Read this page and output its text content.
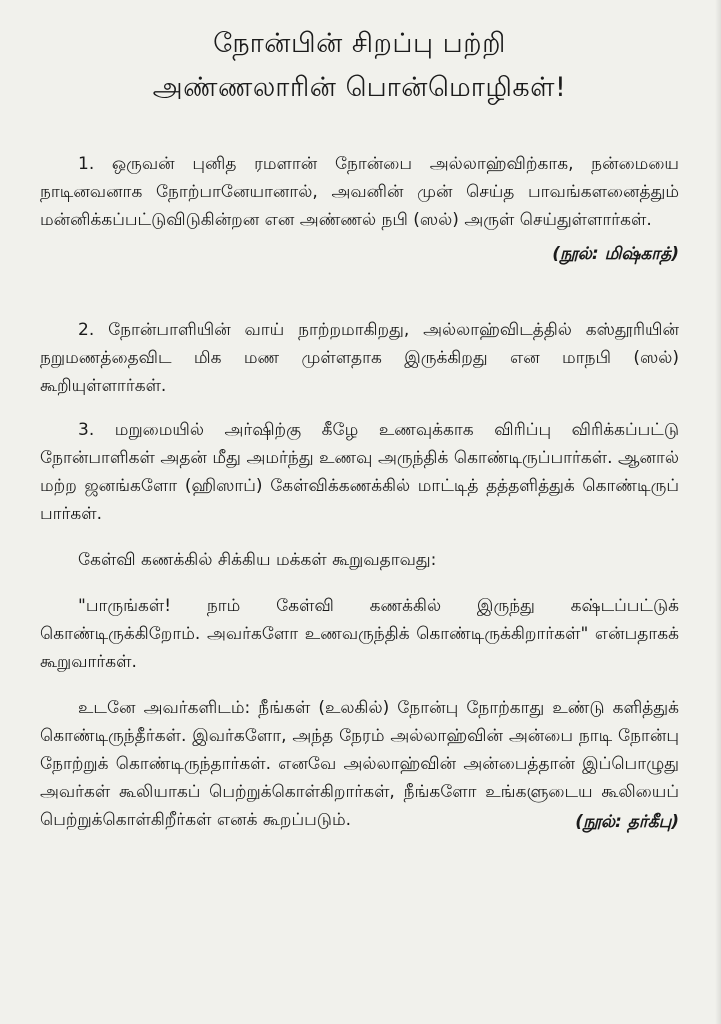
நோன்பின் சிறப்பு பற்றி
அண்ணலாரின் பொன்மொழிகள்!

1. ஒருவன் புனித ரமளான் நோன்பை அல்லாஹ்விற்காக, நன்மையை நாடினவனாக நோற்பானேயானால், அவனின் முன் செய்த பாவங்களனைத்தும் மன்னிக்கப்பட்டுவிடுகின்றன என அண்ணல் நபி (ஸல்) அருள் செய்துள்ளார்கள்.

(நூல்: மிஷ்காத்)

2. நோன்பாளியின் வாய் நாற்றமாகிறது, அல்லாஹ்விடத்தில் கஸ்தூரியின் நறுமணத்தைவிட மிக மண முள்ளதாக இருக்கிறது என மாநபி (ஸல்) கூறியுள்ளார்கள்.

3. மறுமையில் அர்ஷிற்கு கீழே உணவுக்காக விரிப்பு விரிக்கப்பட்டு நோன்பாளிகள் அதன் மீது அமர்ந்து உணவு அருந்திக் கொண்டிருப்பார்கள். ஆனால் மற்ற ஜனங்களோ (ஹிஸாப்) கேள்விக்கணக்கில் மாட்டித் தத்தளித்துக் கொண்டிருப் பார்கள்.

கேள்வி கணக்கில் சிக்கிய மக்கள் கூறுவதாவது:

"பாருங்கள்! நாம் கேள்வி கணக்கில் இருந்து கஷ்டப்பட்டுக் கொண்டிருக்கிறோம். அவர்களோ உணவருந்திக் கொண்டிருக்கிறார்கள்" என்பதாகக் கூறுவார்கள்.

உடனே அவர்களிடம்: நீங்கள் (உலகில்) நோன்பு நோற்காது உண்டு களித்துக் கொண்டிருந்தீர்கள். இவர்களோ, அந்த நேரம் அல்லாஹ்வின் அன்பை நாடி நோன்பு நோற்றுக் கொண்டிருந்தார்கள். எனவே அல்லாஹ்வின் அன்பைத்தான் இப்பொழுது அவர்கள் கூலியாகப் பெற்றுக்கொள்கிறார்கள், நீங்களோ உங்களுடைய கூலியைப் பெற்றுக்கொள்கிறீர்கள் எனக் கூறப்படும்.	(நூல்: தர்கீபு)
